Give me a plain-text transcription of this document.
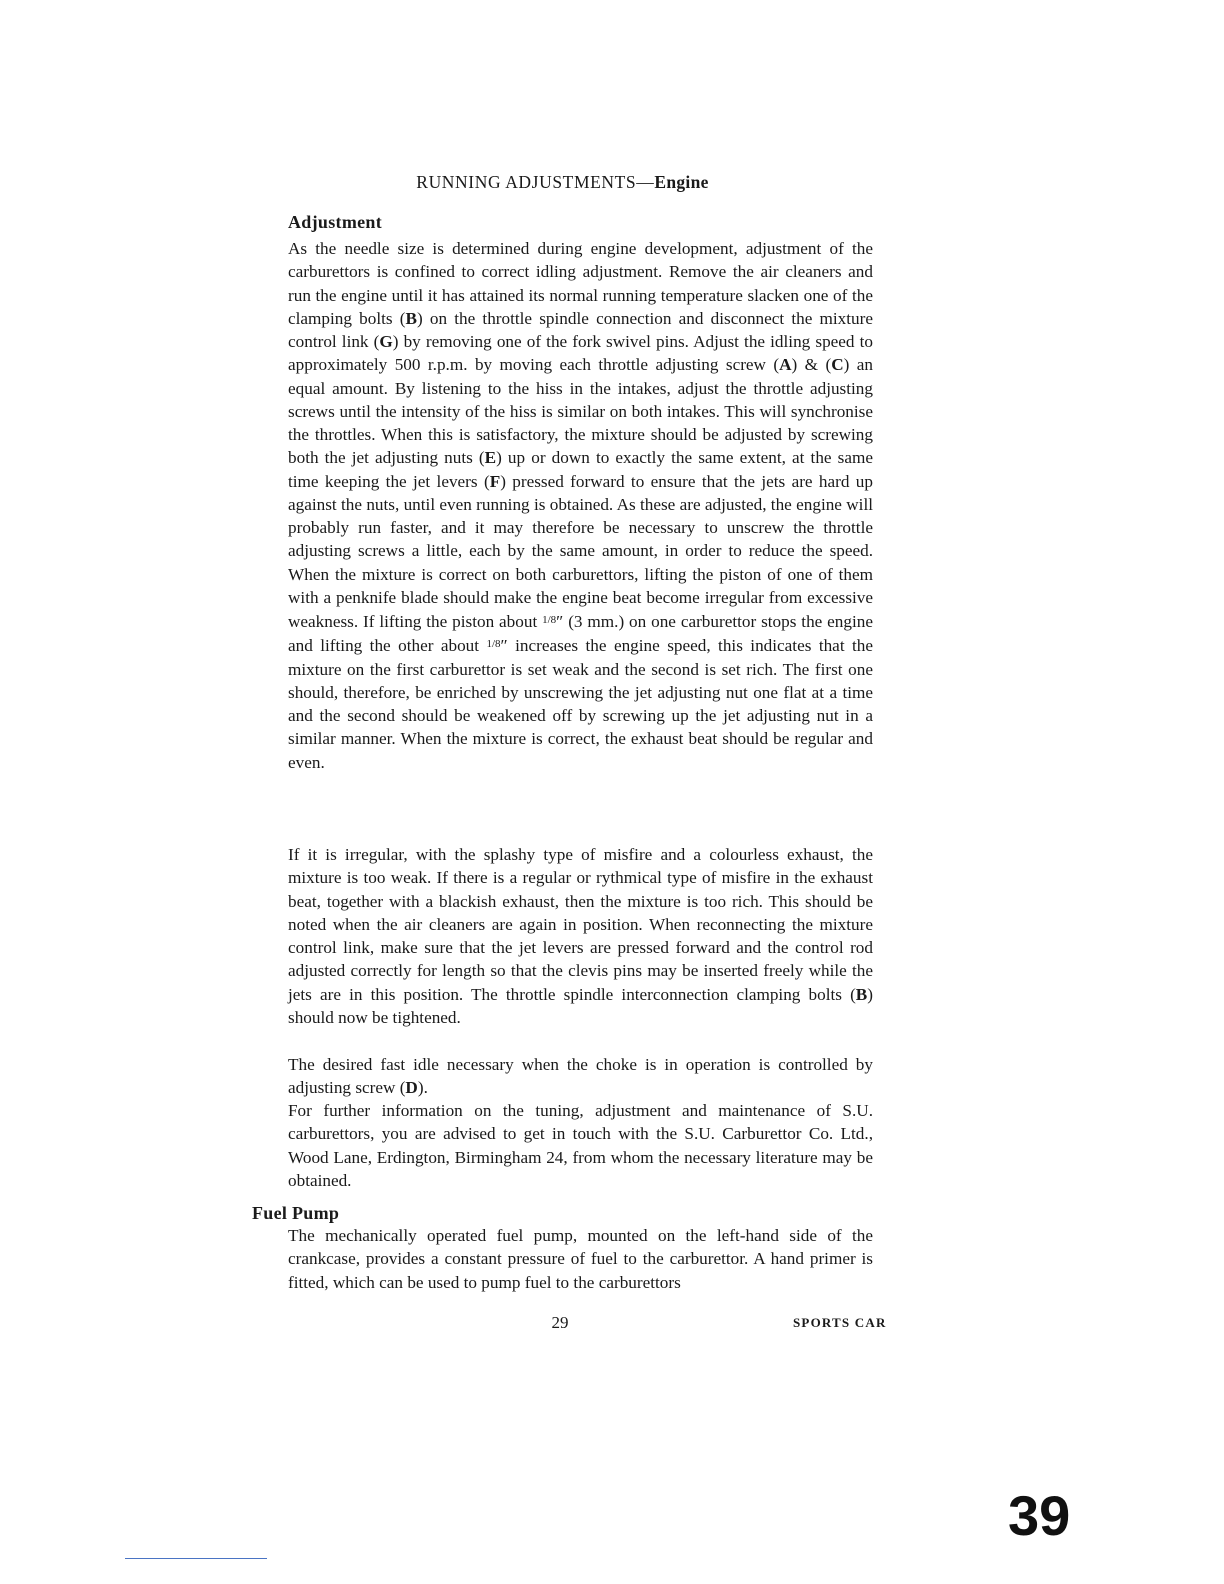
RUNNING ADJUSTMENTS—Engine
Adjustment

As the needle size is determined during engine development, adjustment of the carburettors is confined to correct idling adjustment. Remove the air cleaners and run the engine until it has attained its normal running temperature slacken one of the clamping bolts (B) on the throttle spindle connection and disconnect the mixture control link (G) by removing one of the fork swivel pins. Adjust the idling speed to approximately 500 r.p.m. by moving each throttle adjusting screw (A) & (C) an equal amount. By listening to the hiss in the intakes, adjust the throttle adjusting screws until the intensity of the hiss is similar on both intakes. This will synchronise the throttles. When this is satisfactory, the mixture should be adjusted by screwing both the jet adjusting nuts (E) up or down to exactly the same extent, at the same time keeping the jet levers (F) pressed forward to ensure that the jets are hard up against the nuts, until even running is obtained. As these are adjusted, the engine will probably run faster, and it may therefore be necessary to unscrew the throttle adjusting screws a little, each by the same amount, in order to reduce the speed. When the mixture is correct on both carburettors, lifting the piston of one of them with a penknife blade should make the engine beat become irregular from excessive weakness. If lifting the piston about $^{1/8}$″ (3 mm.) on one carburettor stops the engine and lifting the other about $^{1/8}$″ increases the engine speed, this indicates that the mixture on the first carburettor is set weak and the second is set rich. The first one should, therefore, be enriched by unscrewing the jet adjusting nut one flat at a time and the second should be weakened off by screwing up the jet adjusting nut in a similar manner. When the mixture is correct, the exhaust beat should be regular and even.

If it is irregular, with the splashy type of misfire and a colourless exhaust, the mixture is too weak. If there is a regular or rythmical type of misfire in the exhaust beat, together with a blackish exhaust, then the mixture is too rich. This should be noted when the air cleaners are again in position. When reconnecting the mixture control link, make sure that the jet levers are pressed forward and the control rod adjusted correctly for length so that the clevis pins may be inserted freely while the jets are in this position. The throttle spindle interconnection clamping bolts (B) should now be tightened.

The desired fast idle necessary when the choke is in operation is controlled by adjusting screw (D).

For further information on the tuning, adjustment and maintenance of S.U. carburettors, you are advised to get in touch with the S.U. Carburettor Co. Ltd., Wood Lane, Erdington, Birmingham 24, from whom the necessary literature may be obtained.

Fuel Pump

The mechanically operated fuel pump, mounted on the left-hand side of the crankcase, provides a constant pressure of fuel to the carburettor. A hand primer is fitted, which can be used to pump fuel to the carburettors

29	SPORTS CAR
39
